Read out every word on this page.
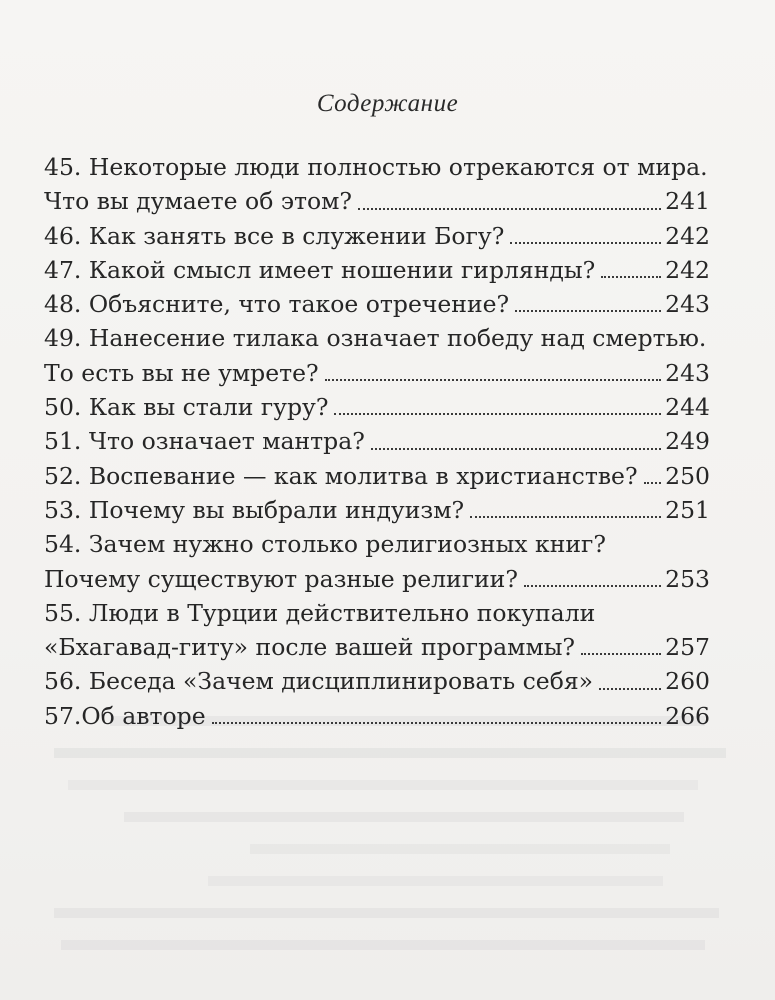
Содержание
45. Некоторые люди полностью отрекаются от мира.
Что вы думаете об этом?	241
46. Как занять все в служении Богу?	242
47. Какой смысл имеет ношении гирлянды?	242
48. Объясните, что такое отречение?	243
49. Нанесение тилака означает победу над смертью.
То есть вы не умрете?	243
50. Как вы стали гуру?	244
51. Что означает мантра?	249
52. Воспевание — как молитва в христианстве? 250
53. Почему вы выбрали индуизм?	251
54. Зачем нужно столько религиозных книг?
Почему существуют разные религии?	253
55. Люди в Турции действительно покупали
«Бхагавад-гиту» после вашей программы?	257
56. Беседа «Зачем дисциплинировать себя»	260
57.Об авторе	266
